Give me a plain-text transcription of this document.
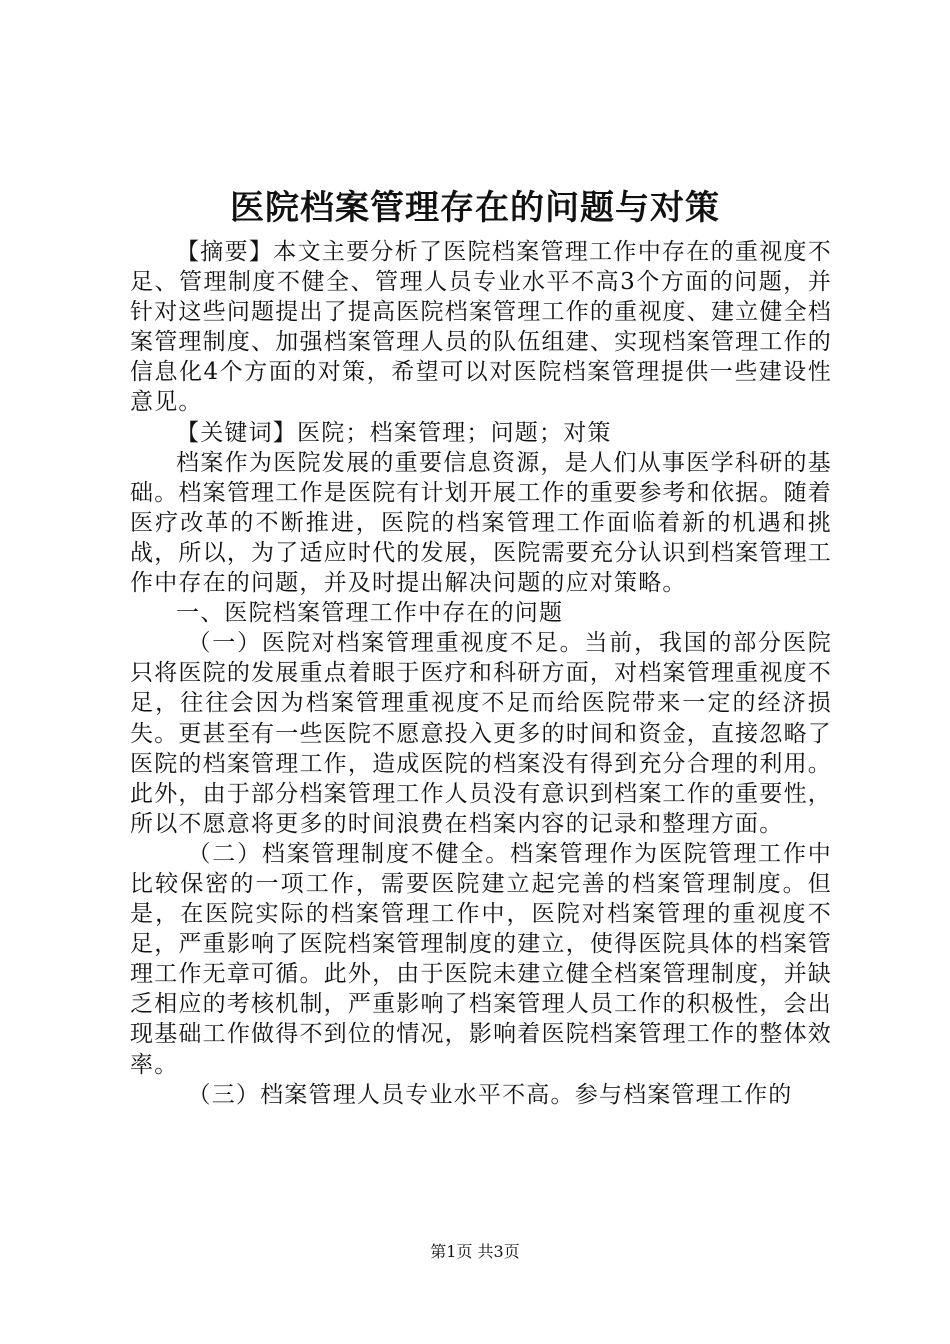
医院档案管理存在的问题与对策

【摘要】本文主要分析了医院档案管理工作中存在的重视度不足、管理制度不健全、管理人员专业水平不高3个方面的问题，并针对这些问题提出了提高医院档案管理工作的重视度、建立健全档案管理制度、加强档案管理人员的队伍组建、实现档案管理工作的信息化4个方面的对策，希望可以对医院档案管理提供一些建设性意见。

【关键词】医院；档案管理；问题；对策

档案作为医院发展的重要信息资源，是人们从事医学科研的基础。档案管理工作是医院有计划开展工作的重要参考和依据。随着医疗改革的不断推进，医院的档案管理工作面临着新的机遇和挑战，所以，为了适应时代的发展，医院需要充分认识到档案管理工作中存在的问题，并及时提出解决问题的应对策略。

一、医院档案管理工作中存在的问题

（一）医院对档案管理重视度不足。当前，我国的部分医院只将医院的发展重点着眼于医疗和科研方面，对档案管理重视度不足，往往会因为档案管理重视度不足而给医院带来一定的经济损失。更甚至有一些医院不愿意投入更多的时间和资金，直接忽略了医院的档案管理工作，造成医院的档案没有得到充分合理的利用。此外，由于部分档案管理工作人员没有意识到档案工作的重要性，所以不愿意将更多的时间浪费在档案内容的记录和整理方面。

（二）档案管理制度不健全。档案管理作为医院管理工作中比较保密的一项工作，需要医院建立起完善的档案管理制度。但是，在医院实际的档案管理工作中，医院对档案管理的重视度不足，严重影响了医院档案管理制度的建立，使得医院具体的档案管理工作无章可循。此外，由于医院未建立健全档案管理制度，并缺乏相应的考核机制，严重影响了档案管理人员工作的积极性，会出现基础工作做得不到位的情况，影响着医院档案管理工作的整体效率。

（三）档案管理人员专业水平不高。参与档案管理工作的

第1页 共3页
